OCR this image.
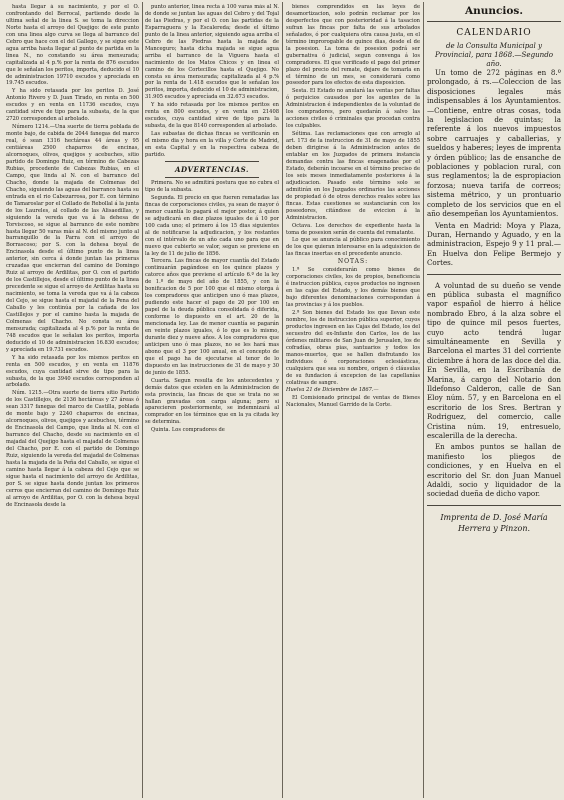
hasta llegar á su nacimiento, y por el O. confrontando del Berrocal, partiendo desde la ultima señal de la linea S. se toma la direccion Norte hasta el arroyo del Quejigo: de este punto con una linea algo curva se llega al barranco del Cebro que hace con el del Gallego, y se sigue este agua arriba hasta llegar al punto de partida en la linea N., no constando su área mensurada; capitalizada al 4 p.% por la renta de 876 escudos que le señalan los peritos, importa, deducido el 10 de administracion 19710 escudos y aprecíada en 19.745 escudos.

Y ha sido retasada por los peritos D. José Antonio Rivero y D. Juan Tirado, en renta en 500 escudos y en venta en 11736 escudos, cuya cantidad sirve de tipo para la subasta, de la que 2720 corresponden al arbolado.

Número 1214.—Una suerte de tierra poblada de monte bajo, de cabida de 2044 fanegas del marco real, ó sean 1316 hectáreas 44 áreas y 95 centiáreas 2500 chaparros de encinas, alcornoques, olivos, quejigos y acebuches, sitio partido de Domingo Ruiz, en término de Cabezas Rubias, procedente de Cabezas Rubias, en el Campo, que linda al N. con el barranco del Chacho, donde la majada de Colmenas del Chacho, siguiendo las aguas del barranco hasta su entrada en el rio Cabezarrosa, por E. con término de Tamaroslar por el Collado de Rebollal á la junta de los Laureles, al collado de las Alisaedillas, y siguiendo la vereda que va á la dehesa de Torviscoso, se sigue al barranco de este nombre hasta llegar 50 varas más al N. del mismo junto al barranquillo de la Parra con el arroyo de Borrascoso; por S. con la dehesa boyal de Encinasola desde el último punto de la linea anterior, sin cerca á donde juntan las primeras cruzadas que encierran del camino de Domingo Ruiz al arroyo de Ardilitas, por O. con el partido de los Castillejos, desde el último punto de la linea precedente se sigue el arroyo de Ardilitas hasta su nacimiento, se toma la vereda que va á la cabeza del Cejo, se sigue hasta el majadal de la Pena del Caballo y les continúa por la cañada de los Castillejos y por el camino hasta la majada de Colmenas del Chacho. No consta su área mensurada; capitalizada al 4 p.% por la renta de 748 escudos que le señalan los peritos, importa deducido el 10 de administracion 16.830 escudos; y aprecíada en 19.731 escudos.

Y ha sido retasada por los mismos peritos en renta en 500 escudos, y en venta en 11876 escudos, cuya cantidad sirve de tipo para la subasta, de la que 3940 escudos corresponden al arbolado.

Núm. 1215.—Otra suerte de tierra sitio Partido de los Castillejos, de 2136 hectáreas y 27 áreas ó sean 3317 fanegas del marco de Castilla, poblada de monte bajo y 2240 chaparros de encinas, alcornoques, olivos, quejigos y acebuches, término de Encinasola del Campo, que linda al N. con el barranco del Chacho, desde su nacimiento en el majadal del Quejigo hasta el majadal de Colmenas del Chacho, por E. con el partido de Domingo Ruiz, siguiendo la vereda del majadal de Colmenas hasta la majada de la Peña del Caballo, se sigue el camino hasta llegar á la cabeza del Cejo que se sigue hasta el nacimiento del arroyo de Ardilitas, por S. se sigue hasta donde juntan los primeros cerros que encierran del camino de Domingo Ruiz al arroyo de Ardilitas, por O. con la dehesa boyal de Encinasola desde la

punto anterior, linea recta á 100 varas más al N. de donde se juntan las aguas del Cebro y del Tojal de las Piedras, y por el O. con las partidas de la Esparraguera y la Escalereda; desde el último punto de la linea anterior, siguiendo agua arriba el Cebro de las Piedras hasta la majada de Manceguro; hasta dicha majada se sigue agua arriba el barranco de la Viguera hasta el nacimiento de los Matos Chicos y en linea el camino de los Cortecillos hasta el Quejigo. No consta su área mensurada; capitalizada al 4 p.% por la renta de 1.418 escudos que le señalan los peritos, importa, deducido el 10 de administracion, 31.905 escudos y aprecíada en 32.673 escudos.

Y ha sido retasada por los mismos peritos en renta en 800 escudos, y en venta en 21408 escudos, cuya cantidad sirve de tipo para la subasta, de la que 8140 corresponden al arbolado.

Las subastas de dichas fincas se verificarán en el mismo dia y hora en la villa y Corte de Madrid, en esta Capital y en la respectiva cabeza de partido.

ADVERTENCIAS.

Primera. No se admitirá postura que no cubra el tipo de la subasta.

Segunda. El precio en que fueren rematadas las fincas de corporaciones civiles, ya sean de mayor ó menor cuantía lo pagará el mejor postor, á quien se adjudicará en diez plazos iguales de á 10 por 100 cada uno; el primero á los 15 dias siguientes al de notificarse la adjudicacion, y los restantes con el intérvalo de un año cada uno para que en nuevo que cubierto se valor, segun se previene en la ley de 11 de julio de 1856.

Tercera. Las fincas de mayor cuantía del Estado continuarán pagándose en los quince plazos y catorce años que previene el artículo 6.º de la ley de 1.º de mayo del año de 1855, y con la bonificacion de 5 por 100 que el mismo otorga á los compradores que anticipen uno ó mas plazos, pudiendo este hacer el pago de 20 por 100 en papel de la deuda pública consolidada ó diferida, conforme lo dispuesto en el art. 20 de la mencionada ley. Las de menor cuantía se pagarán en veinte plazos iguales, ó lo que es lo mismo, durante diez y nueve años. A los compradores que anticipen uno ó mas plazos, no se les hará mas abono que el 3 por 100 anual, en el concepto de que el pago ha de ejecutarse al tenor de lo dispuesto en las instrucciones de 31 de mayo y 30 de junio de 1855.

Cuarta. Segun resulta de los antecedentes y demás datos que existen en la Administracion de esta provincia, las fincas de que se trata no se hallan gravadas con carga alguna; pero si aparecieren posteriormente, se indemnizará al comprador en los términos que en la ya citada ley se determina.

Quinta. Los compradores de

bienes comprendidos en las leyes de desamortizacion, solo podrán reclamar por los desperfectos que con posterioridad á la tasacion sufran las fincas por falta de sus arbolados señalados, ó por cualquiera otra causa justa, en el término improrogable de quince dias, desde el de la posesion. La toma de posesion podrá ser gubernativa ó judicial, segun convenga á los compradores. El que verificado el pago del primer plazo del precio del remate, dejare de tomarla en el término de un mes, se considerará como poseedor para los efectos de esta disposicion.

Sesta. El Estado no anulará las ventas por faltas ó perjuicios causados por los agentes de la Administracion é independientes de la voluntad de los compradores, pero quedarán á salvo las acciones civiles ó criminales que procedan contra los culpables.

Sétima. Las reclamaciones que con arreglo al art. 173 de la instruccion de 31 de mayo de 1855 deben dirigirse á la Administracion antes de entablar en los Juzgados de primera instancia demandas contra las fincas enagenadas por el Estado, deberán incoarse en el término preciso de los seis meses inmediatamente posteriores á la adjudicacion. Pasado este término solo se admitirán en los Juzgados ordinarios las acciones de propiedad ó de otros derechos reales sobre las fincas. Estas cuestiones se sustanciarán con los poseedores, citándose de eviccion á la Administracion.

Octava. Los derechos de expediente hasta la toma de posesion serán de cuenta del rematante.

Lo que se anuncia al público para conocimiento de los que quieran interesarse en la adquisicion de las fincas insertas en el precedente anuncio.

NOTAS:

1.ª Se considerarán como bienes de corporaciones civiles, los de propios, beneficencia é instruccion pública, cuyos productos no ingresen en las cajas del Estado, y los demás bienes que bajo diferentes denominaciones correspondan á las provincias y á los pueblos.

2.ª Son bienes del Estado los que llevan este nombre, los de instruccion pública superior, cuyos productos ingresen en las Cajas del Estado, los del secuestro del ex-Infante don Carlos, los de las órdenes militares de San Juan de Jerusalen, los de cofradías, obras pias, santuarios y todos los manos-muertos, que se hallen disfrutando los individuos ó corporaciones eclesiásticas, cualquiera que sea su nombre, origen ó cláusulas de su fundacion á excepcion de las capellanías colativas de sangre.

Huelva 21 de Diciembre de 1867.—

El Comisionado principal de ventas de Bienes Nacionales, Manuel Garrido de la Corte.

Anuncios.
CALENDARIO
de la Consulta Municipal y Provincial, para 1868.—Segundo año.

Un tomo de 272 páginas en 8.º prolongado, á rs.—Coleccion de las disposiciones legales más indispensables á los Ayuntamientos.—Contiene, entre otras cosas, toda la legislacion de quintas; la referente á los nuevos impuestos sobre carruajes y caballerias, y sueldos y haberes; leyes de imprenta y órden público; las de ensanche de poblaciones y poblacion rural, con sus reglamentos; la de espropiacion forzosa; nueva tarifa de correos; sistema métrico, y un prontuario completo de los servicios que en el año desempeñan los Ayuntamientos.

Venta en Madrid: Moya y Plaza, Duran, Hernando y Aguado, y en la administracion, Espejo 9 y 11 pral.—En Huelva don Felipe Bermejo y Cortes.

A voluntad de su dueño se vende en pública subasta el magnífico vapor español de hierro á hélice nombrado Ebro, á la alza sobre el tipo de quince mil pesos fuertes, cuyo acto tendrá lugar simultáneamente en Sevilla y Barcelona el martes 31 del corriente diciembre á hora de las doce del dia. En Sevilla, en la Escribanía de Marina, á cargo del Notario don Ildefonso Calderon, calle de San Eloy núm. 57, y en Barcelona en el escritorio de los Sres. Bertran y Rodriguez, del comercio, calle Cristina núm. 19, entresuelo, escalerilla de la derecha.

En ambos puntos se hallan de manifiesto los pliegos de condiciones, y en Huelva en el escritorio del Sr. don Juan Manuel Adaldi, socio y liquidador de la sociedad dueña de dicho vapor.

Imprenta de D. José María
Herrera y Pinzon.
